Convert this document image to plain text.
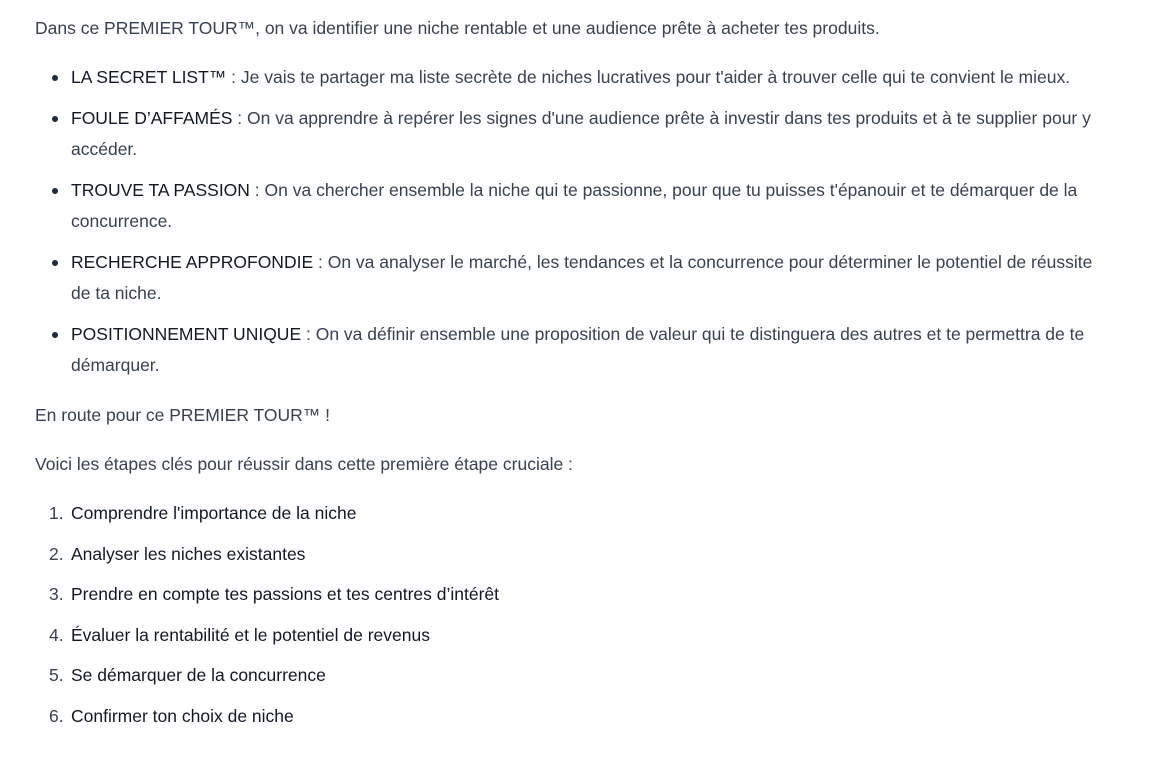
Dans ce PREMIER TOUR™, on va identifier une niche rentable et une audience prête à acheter tes produits.

LA SECRET LIST™ : Je vais te partager ma liste secrète de niches lucratives pour t'aider à trouver celle qui te convient le mieux.
FOULE D’AFFAMÉS : On va apprendre à repérer les signes d'une audience prête à investir dans tes produits et à te supplier pour y accéder.
TROUVE TA PASSION : On va chercher ensemble la niche qui te passionne, pour que tu puisses t'épanouir et te démarquer de la concurrence.
RECHERCHE APPROFONDIE : On va analyser le marché, les tendances et la concurrence pour déterminer le potentiel de réussite de ta niche.
POSITIONNEMENT UNIQUE : On va définir ensemble une proposition de valeur qui te distinguera des autres et te permettra de te démarquer.

En route pour ce PREMIER TOUR™ !

Voici les étapes clés pour réussir dans cette première étape cruciale :

1. Comprendre l'importance de la niche
2. Analyser les niches existantes
3. Prendre en compte tes passions et tes centres d’intérêt
4. Évaluer la rentabilité et le potentiel de revenus
5. Se démarquer de la concurrence
6. Confirmer ton choix de niche
